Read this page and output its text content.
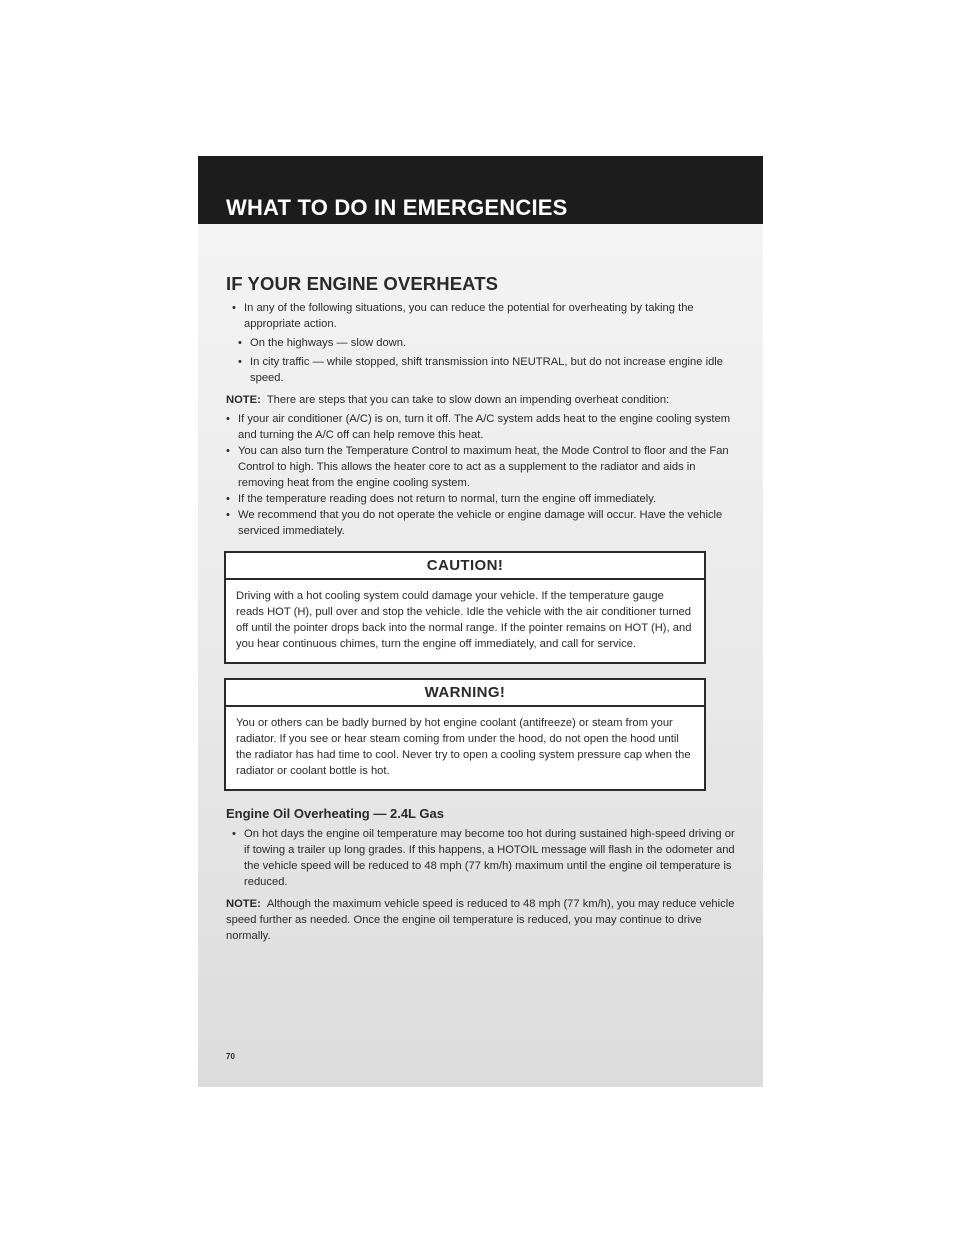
WHAT TO DO IN EMERGENCIES
IF YOUR ENGINE OVERHEATS
• In any of the following situations, you can reduce the potential for overheating by taking the appropriate action.
• On the highways — slow down.
• In city traffic — while stopped, shift transmission into NEUTRAL, but do not increase engine idle speed.
NOTE: There are steps that you can take to slow down an impending overheat condition:
• If your air conditioner (A/C) is on, turn it off. The A/C system adds heat to the engine cooling system and turning the A/C off can help remove this heat.
• You can also turn the Temperature Control to maximum heat, the Mode Control to floor and the Fan Control to high. This allows the heater core to act as a supplement to the radiator and aids in removing heat from the engine cooling system.
• If the temperature reading does not return to normal, turn the engine off immediately.
• We recommend that you do not operate the vehicle or engine damage will occur. Have the vehicle serviced immediately.
CAUTION!
Driving with a hot cooling system could damage your vehicle. If the temperature gauge reads HOT (H), pull over and stop the vehicle. Idle the vehicle with the air conditioner turned off until the pointer drops back into the normal range. If the pointer remains on HOT (H), and you hear continuous chimes, turn the engine off immediately, and call for service.
WARNING!
You or others can be badly burned by hot engine coolant (antifreeze) or steam from your radiator. If you see or hear steam coming from under the hood, do not open the hood until the radiator has had time to cool. Never try to open a cooling system pressure cap when the radiator or coolant bottle is hot.
Engine Oil Overheating — 2.4L Gas
• On hot days the engine oil temperature may become too hot during sustained high-speed driving or if towing a trailer up long grades. If this happens, a HOTOIL message will flash in the odometer and the vehicle speed will be reduced to 48 mph (77 km/h) maximum until the engine oil temperature is reduced.
NOTE: Although the maximum vehicle speed is reduced to 48 mph (77 km/h), you may reduce vehicle speed further as needed. Once the engine oil temperature is reduced, you may continue to drive normally.
70
